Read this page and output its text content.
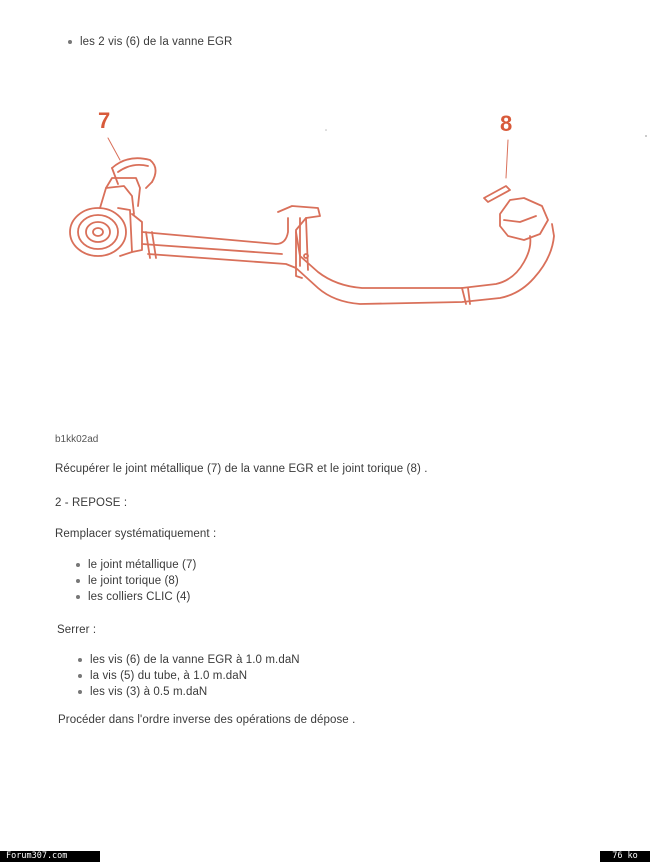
les 2 vis (6) de la vanne EGR
7	8
b1kk02ad
Récupérer le joint métallique (7) de la vanne EGR et le joint torique (8) .
2 - REPOSE :
Remplacer systématiquement :
le joint métallique (7)
le joint torique (8)
les colliers CLIC (4)
Serrer :
les vis (6) de la vanne EGR à 1.0 m.daN
la vis (5) du tube, à 1.0 m.daN
les vis (3) à 0.5 m.daN
Procéder dans l'ordre inverse des opérations de dépose .
Forum307.com	76 ko
